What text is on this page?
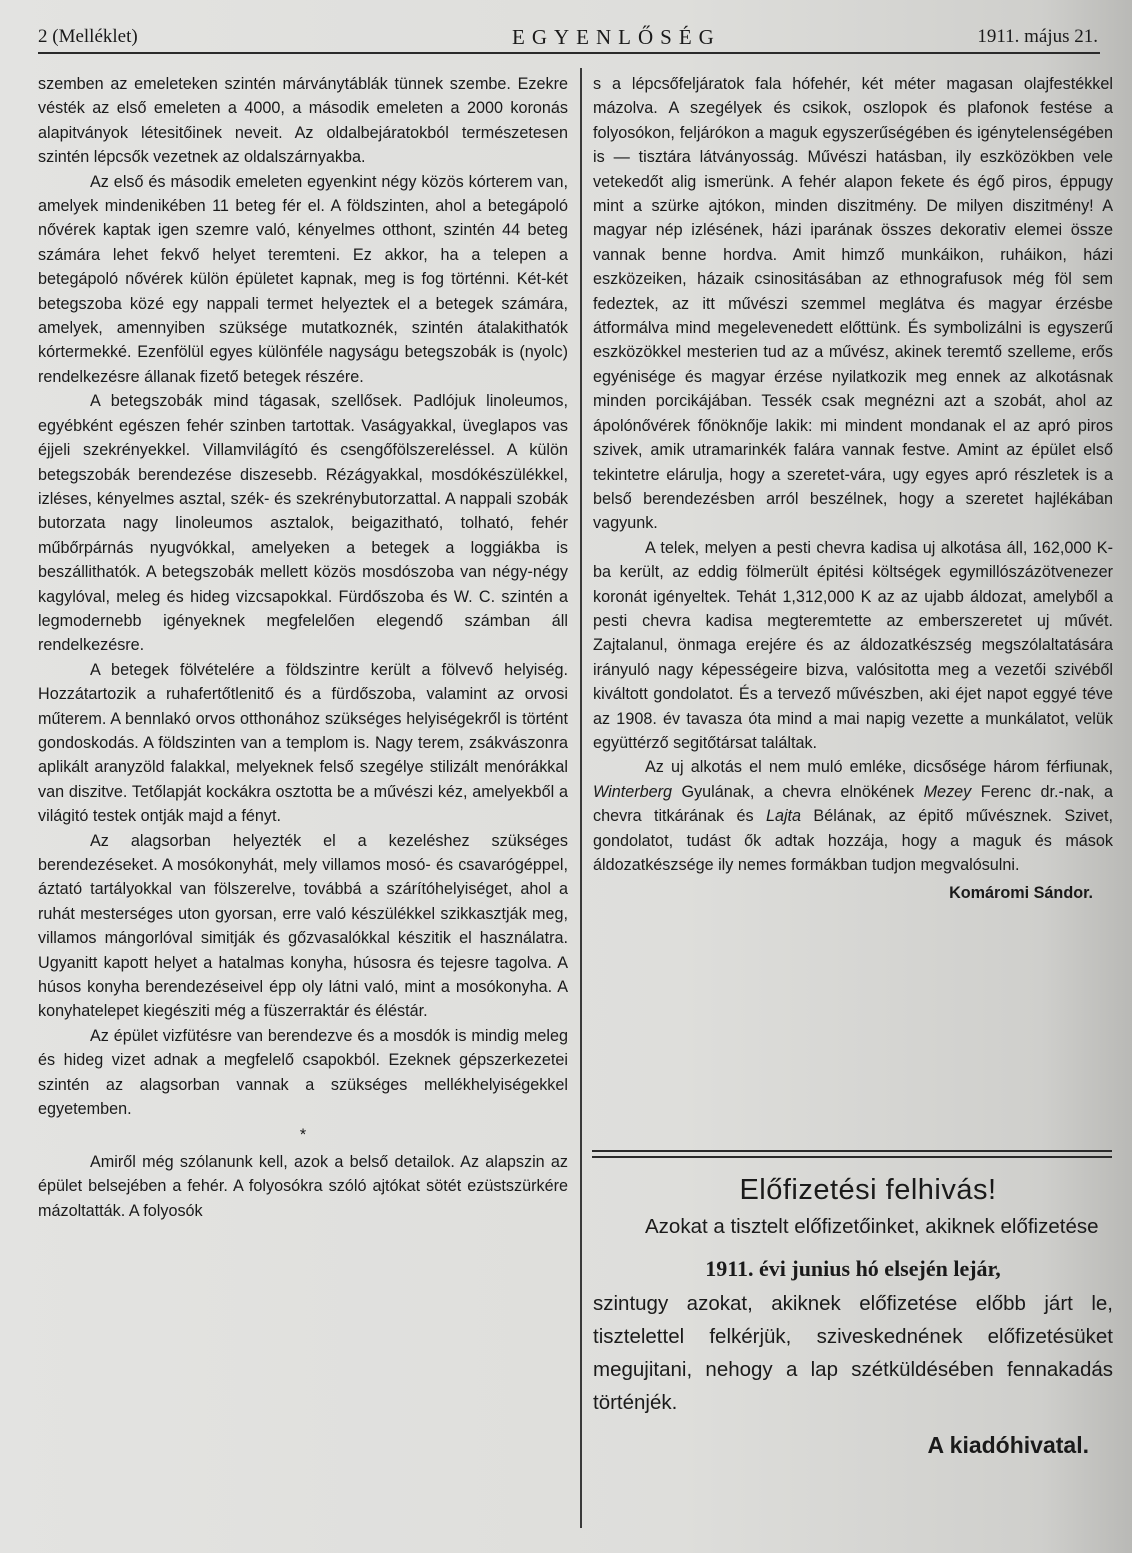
2 (Melléklet)	EGYENLŐSÉG	1911. május 21.

szemben az emeleteken szintén márványtáblák tünnek szembe. Ezekre vésték az első emeleten a 4000, a második emeleten a 2000 koronás alapitványok létesitőinek neveit. Az oldalbejáratokból természetesen szintén lépcsők vezetnek az oldalszárnyakba.

Az első és második emeleten egyenkint négy közös kórterem van, amelyek mindenikében 11 beteg fér el. A földszinten, ahol a betegápoló nővérek kaptak igen szemre való, kényelmes otthont, szintén 44 beteg számára lehet fekvő helyet teremteni. Ez akkor, ha a telepen a betegápoló nővérek külön épületet kapnak, meg is fog történni. Két-két betegszoba közé egy nappali termet helyeztek el a betegek számára, amelyek, amennyiben szüksége mutatkoznék, szintén átalakithatók kórtermekké. Ezenfölül egyes különféle nagyságu betegszobák is (nyolc) rendelkezésre állanak fizető betegek részére.

A betegszobák mind tágasak, szellősek. Padlójuk linoleumos, egyébként egészen fehér szinben tartottak. Vaságyakkal, üveglapos vas éjjeli szekrényekkel. Villamvilágító és csengőfölszereléssel. A külön betegszobák berendezése diszesebb. Rézágyakkal, mosdókészülékkel, izléses, kényelmes asztal, szék- és szekrénybutorzattal. A nappali szobák butorzata nagy linoleumos asztalok, beigazitható, tolható, fehér műbőrpárnás nyugvókkal, amelyeken a betegek a loggiákba is beszállithatók. A betegszobák mellett közös mosdószoba van négy-négy kagylóval, meleg és hideg vizcsapokkal. Fürdőszoba és W. C. szintén a legmodernebb igényeknek megfelelően elegendő számban áll rendelkezésre.

A betegek fölvételére a földszintre került a fölvevő helyiség. Hozzátartozik a ruhafertőtlenitő és a fürdőszoba, valamint az orvosi műterem. A bennlakó orvos otthonához szükséges helyiségekről is történt gondoskodás. A földszinten van a templom is. Nagy terem, zsákvászonra aplikált aranyzöld falakkal, melyeknek felső szegélye stilizált menórákkal van diszitve. Tetőlapját kockákra osztotta be a művészi kéz, amelyekből a világitó testek ontják majd a fényt.

Az alagsorban helyezték el a kezeléshez szükséges berendezéseket. A mosókonyhát, mely villamos mosó- és csavarógéppel, áztató tartályokkal van fölszerelve, továbbá a szárítóhelyiséget, ahol a ruhát mesterséges uton gyorsan, erre való készülékkel szikkasztják meg, villamos mángorlóval simitják és gőzvasalókkal készitik el használatra. Ugyanitt kapott helyet a hatalmas konyha, húsosra és tejesre tagolva. A húsos konyha berendezéseivel épp oly látni való, mint a mosókonyha. A konyhatelepet kiegésziti még a füszerraktár és éléstár.

Az épület vizfütésre van berendezve és a mosdók is mindig meleg és hideg vizet adnak a megfelelő csapokból. Ezeknek gépszerkezetei szintén az alagsorban vannak a szükséges mellékhelyiségekkel egyetemben.

*

Amiről még szólanunk kell, azok a belső detailok. Az alapszin az épület belsejében a fehér. A folyosókra szóló ajtókat sötét ezüstszürkére mázoltatták. A folyosók

s a lépcsőfeljáratok fala hófehér, két méter magasan olajfestékkel mázolva. A szegélyek és csikok, oszlopok és plafonok festése a folyosókon, feljárókon a maguk egyszerűségében és igénytelenségében is — tisztára látványosság. Művészi hatásban, ily eszközökben vele vetekedőt alig ismerünk. A fehér alapon fekete és égő piros, éppugy mint a szürke ajtókon, minden diszitmény. De milyen diszitmény! A magyar nép izlésének, házi iparának összes dekorativ elemei össze vannak benne hordva. Amit himző munkáikon, ruháikon, házi eszközeiken, házaik csinositásában az ethnografusok még föl sem fedeztek, az itt művészi szemmel meglátva és magyar érzésbe átformálva mind megelevenedett előttünk. És symbolizálni is egyszerű eszközökkel mesterien tud az a művész, akinek teremtő szelleme, erős egyénisége és magyar érzése nyilatkozik meg ennek az alkotásnak minden porcikájában. Tessék csak megnézni azt a szobát, ahol az ápolónővérek főnöknője lakik: mi mindent mondanak el az apró piros szivek, amik utramarinkék falára vannak festve. Amint az épület első tekintetre elárulja, hogy a szeretet-vára, ugy egyes apró részletek is a belső berendezésben arról beszélnek, hogy a szeretet hajlékában vagyunk.

A telek, melyen a pesti chevra kadisa uj alkotása áll, 162,000 K-ba került, az eddig fölmerült épitési költségek egymillószázötvenezer koronát igényeltek. Tehát 1,312,000 K az az ujabb áldozat, amelyből a pesti chevra kadisa megteremtette az emberszeretet uj művét. Zajtalanul, önmaga erejére és az áldozatkészség megszólaltatására irányuló nagy képességeire bizva, valósitotta meg a vezetői szivéből kiváltott gondolatot. És a tervező művészben, aki éjet napot eggyé téve az 1908. év tavasza óta mind a mai napig vezette a munkálatot, velük együttérző segitőtársat találtak.

Az uj alkotás el nem muló emléke, dicsősége három férfiunak, Winterberg Gyulának, a chevra elnökének Mezey Ferenc dr.-nak, a chevra titkárának és Lajta Bélának, az épitő művésznek. Szivet, gondolatot, tudást ők adtak hozzája, hogy a maguk és mások áldozatkészsége ily nemes formákban tudjon megvalósulni.

Komáromi Sándor.
Előfizetési felhivás!
Azokat a tisztelt előfizetőinket, akiknek előfizetése
1911. évi junius hó elsején lejár,
szintugy azokat, akiknek előfizetése előbb járt le, tisztelettel felkérjük, sziveskednének előfizetésüket megujitani, nehogy a lap szétküldésében fennakadás történjék.
A kiadóhivatal.
